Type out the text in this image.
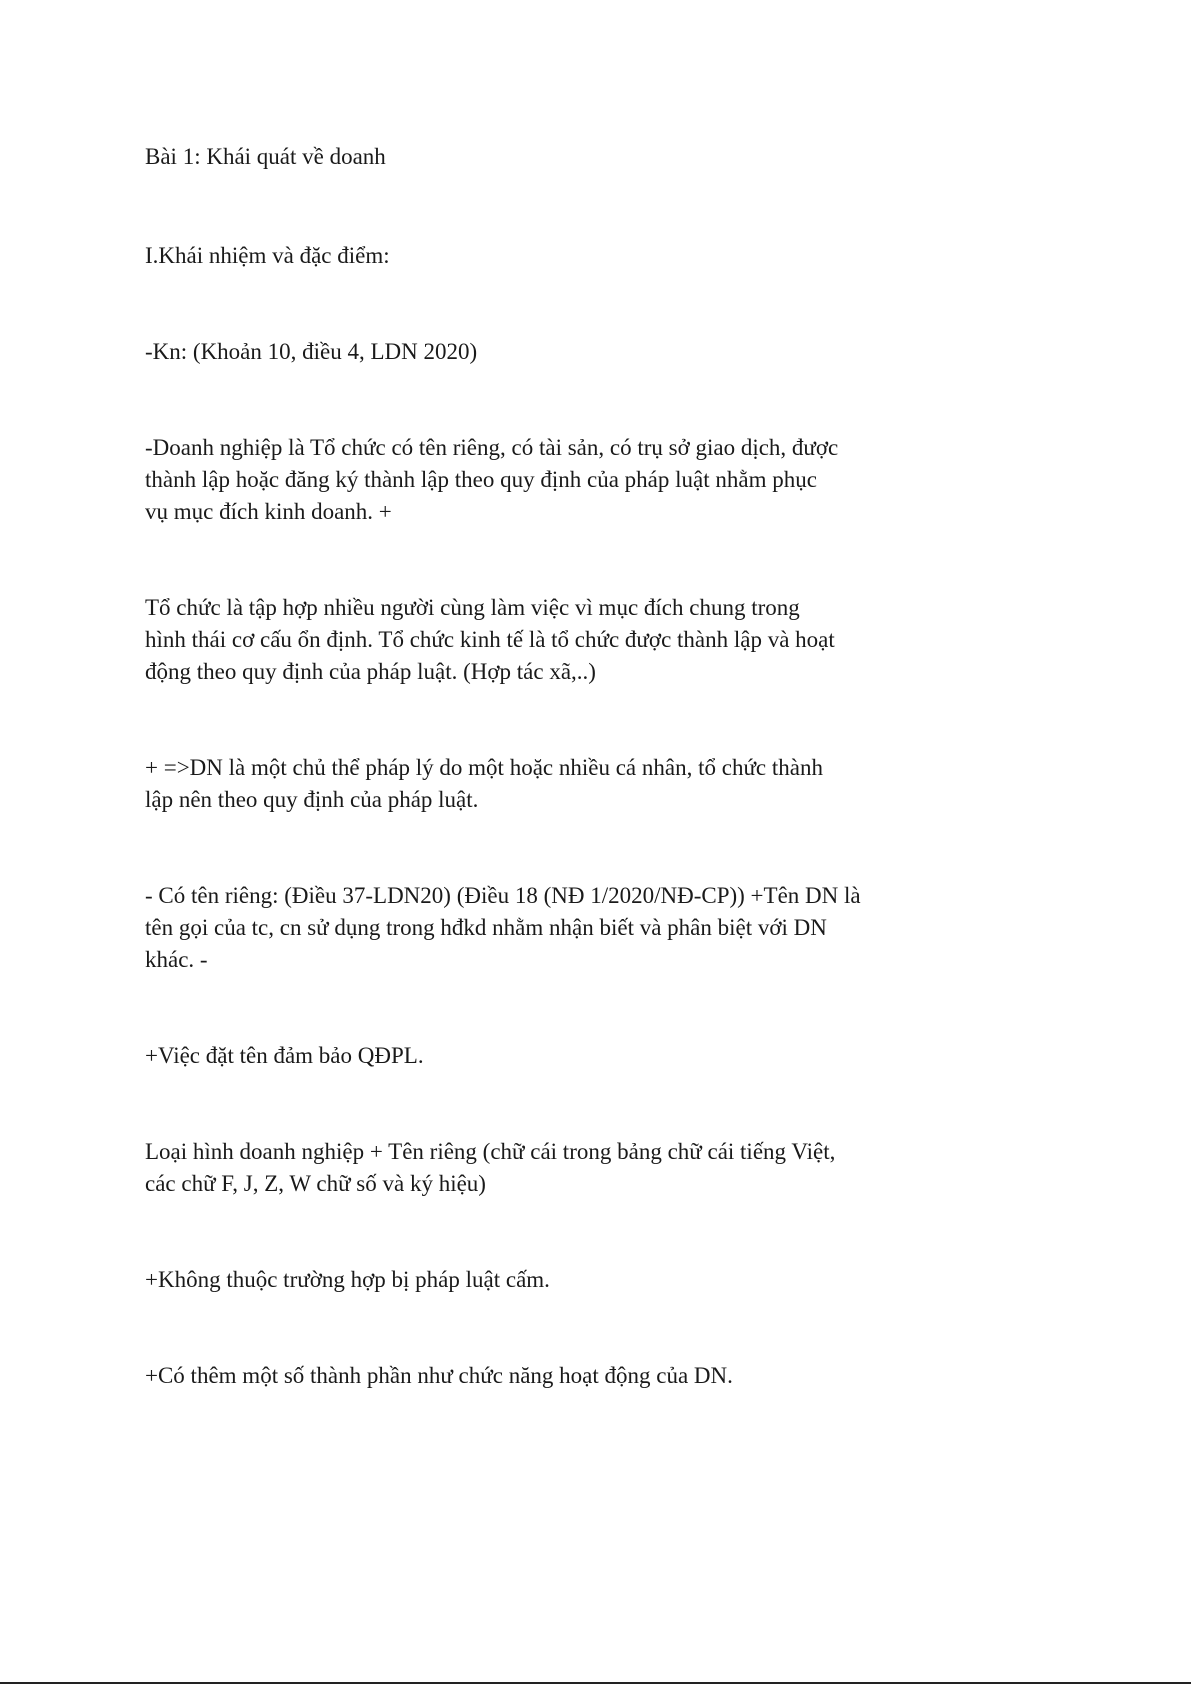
Bài 1: Khái quát về doanh

I.Khái nhiệm và đặc điểm:

-Kn: (Khoản 10, điều 4, LDN 2020)

-Doanh nghiệp là Tổ chức có tên riêng, có tài sản, có trụ sở giao dịch, được
thành lập hoặc đăng ký thành lập theo quy định của pháp luật nhằm phục
vụ mục đích kinh doanh. +

Tổ chức là tập hợp nhiều người cùng làm việc vì mục đích chung trong
hình thái cơ cấu ổn định. Tổ chức kinh tế là tổ chức được thành lập và hoạt
động theo quy định của pháp luật. (Hợp tác xã,..)

+ =>DN là một chủ thể pháp lý do một hoặc nhiều cá nhân, tổ chức thành
lập nên theo quy định của pháp luật.

- Có tên riêng: (Điều 37-LDN20) (Điều 18 (NĐ 1/2020/NĐ-CP)) +Tên DN là
tên gọi của tc, cn sử dụng trong hđkd nhằm nhận biết và phân biệt với DN
khác. -

+Việc đặt tên đảm bảo QĐPL.

Loại hình doanh nghiệp + Tên riêng (chữ cái trong bảng chữ cái tiếng Việt,
các chữ F, J, Z, W chữ số và ký hiệu)

+Không thuộc trường hợp bị pháp luật cấm.

+Có thêm một số thành phần như chức năng hoạt động của DN.
